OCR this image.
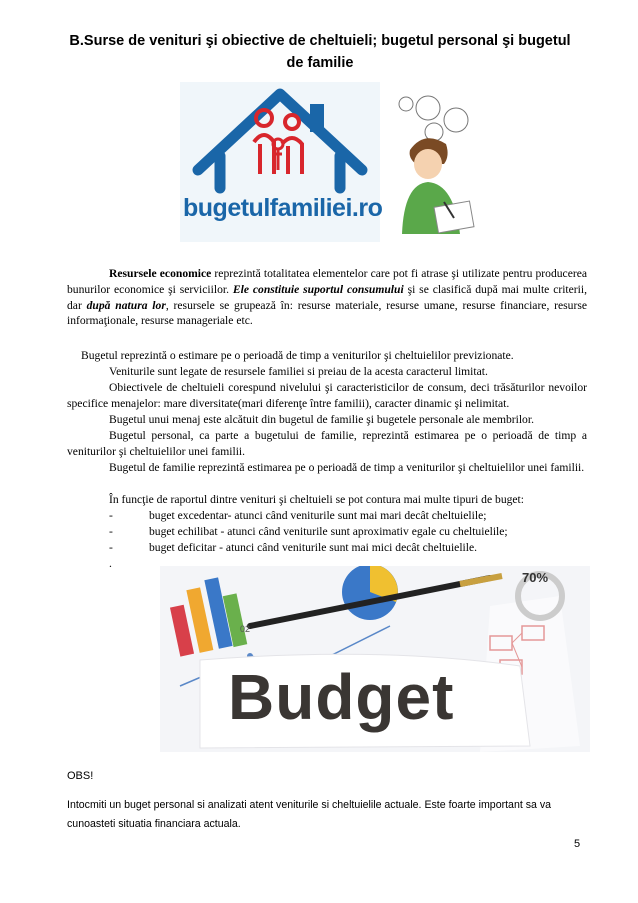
B.Surse de venituri şi obiective de cheltuieli; bugetul personal şi bugetul de familie
bugetulfamiliei.ro

Resursele economice reprezintă totalitatea elementelor care pot fi atrase şi utilizate pentru producerea bunurilor economice şi serviciilor. Ele constituie suportul consumului şi se clasifică după mai multe criterii, dar după natura lor, resursele se grupează în: resurse materiale, resurse umane, resurse financiare, resurse informaţionale, resurse manageriale etc.

Bugetul reprezintă o estimare pe o perioadă de timp a veniturilor şi cheltuielilor previzionate.

Veniturile sunt legate de resursele familiei si preiau de la acesta caracterul limitat.

Obiectivele de cheltuieli corespund nivelului şi caracteristicilor de consum, deci trăsăturilor nevoilor specifice menajelor: mare diversitate(mari diferenţe între familii), caracter dinamic şi nelimitat.

Bugetul unui menaj este alcătuit din bugetul de familie şi bugetele personale ale membrilor.

Bugetul personal, ca parte a bugetului de familie, reprezintă estimarea pe o perioadă de timp a veniturilor şi cheltuielilor unei familii.

Bugetul de familie reprezintă estimarea pe o perioadă de timp a veniturilor şi cheltuielilor unei familii.

În funcţie de raportul dintre venituri şi cheltuieli se pot contura mai multe tipuri de buget:

-	buget excedentar- atunci când veniturile sunt mai mari decât cheltuielile;
-	buget echilibat - atunci când veniturile sunt aproximativ egale cu cheltuielile;
-	buget deficitar - atunci când veniturile sunt mai mici decât cheltuielile.
.
70%
02
Budget
OBS!

Intocmiti un buget personal si analizati atent veniturile si cheltuielile actuale. Este foarte important sa va cunoasteti situatia financiara actuala.

5
